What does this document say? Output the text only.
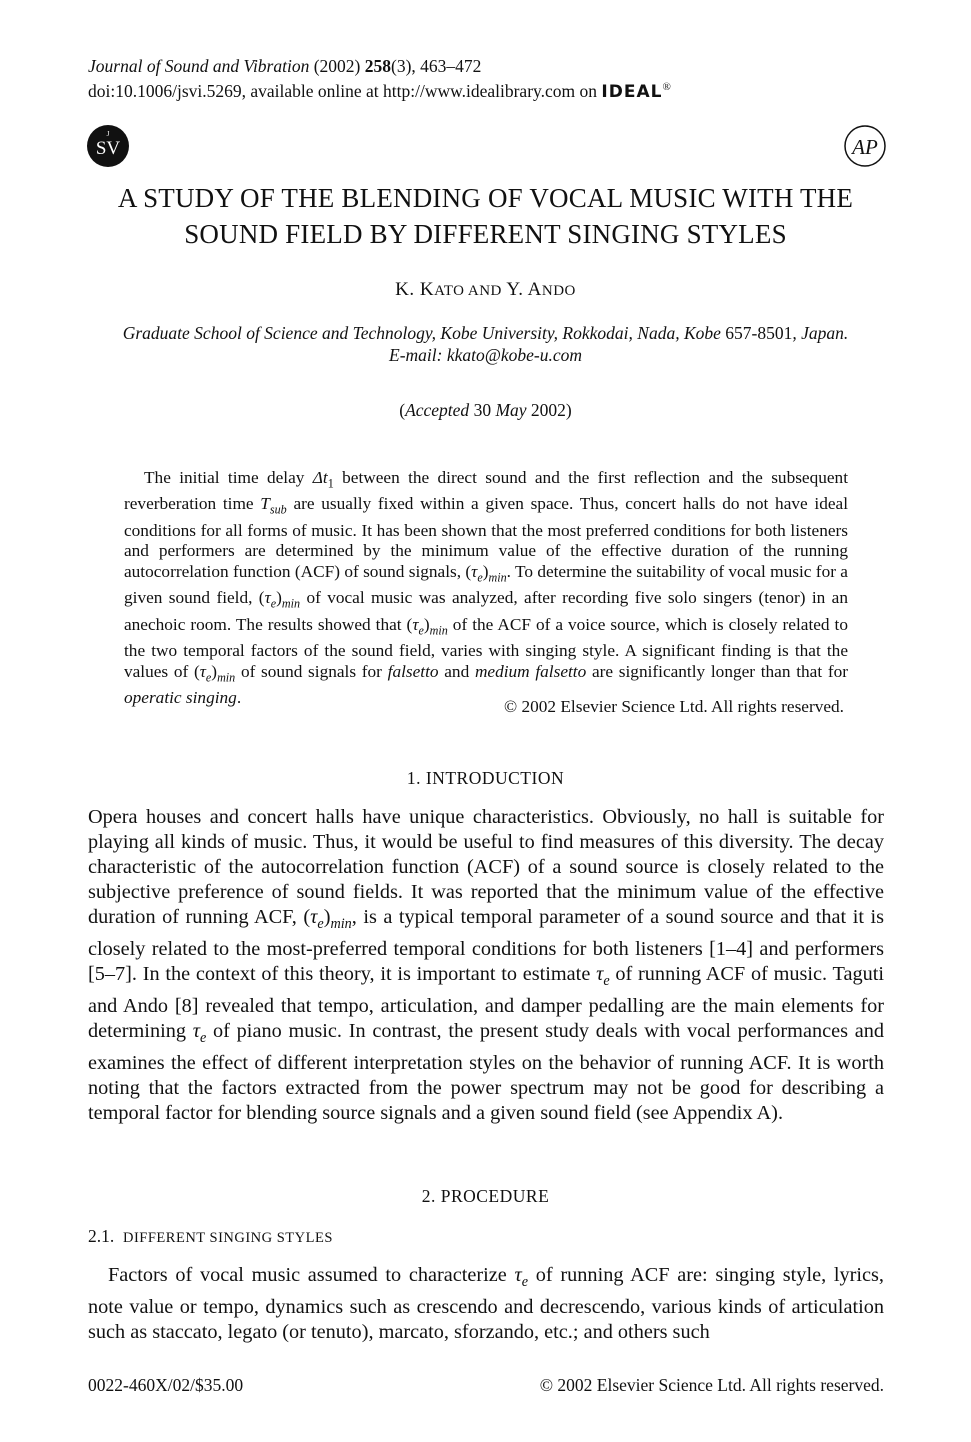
Journal of Sound and Vibration (2002) 258(3), 463–472
doi:10.1006/jsvi.5269, available online at http://www.idealibrary.com on IDEAL®
SV
J
AP
A STUDY OF THE BLENDING OF VOCAL MUSIC WITH THE
SOUND FIELD BY DIFFERENT SINGING STYLES
K. KATO AND Y. ANDO
Graduate School of Science and Technology, Kobe University, Rokkodai, Nada, Kobe 657-8501, Japan.
E-mail: kkato@kobe-u.com
(Accepted 30 May 2002)

The initial time delay $\Delta t_1$ between the direct sound and the first reflection and the subsequent reverberation time $T_{sub}$ are usually fixed within a given space. Thus, concert halls do not have ideal conditions for all forms of music. It has been shown that the most preferred conditions for both listeners and performers are determined by the minimum value of the effective duration of the running autocorrelation function (ACF) of sound signals, $(\tau_e)_{min}$. To determine the suitability of vocal music for a given sound field, $(\tau_e)_{min}$ of vocal music was analyzed, after recording five solo singers (tenor) in an anechoic room. The results showed that $(\tau_e)_{min}$ of the ACF of a voice source, which is closely related to the two temporal factors of the sound field, varies with singing style. A significant finding is that the values of $(\tau_e)_{min}$ of sound signals for falsetto and medium falsetto are significantly longer than that for operatic singing.	© 2002 Elsevier Science Ltd. All rights reserved.
1. INTRODUCTION

Opera houses and concert halls have unique characteristics. Obviously, no hall is suitable for playing all kinds of music. Thus, it would be useful to find measures of this diversity. The decay characteristic of the autocorrelation function (ACF) of a sound source is closely related to the subjective preference of sound fields. It was reported that the minimum value of the effective duration of running ACF, $(\tau_e)_{min}$, is a typical temporal parameter of a sound source and that it is closely related to the most-preferred temporal conditions for both listeners [1–4] and performers [5–7]. In the context of this theory, it is important to estimate $\tau_e$ of running ACF of music. Taguti and Ando [8] revealed that tempo, articulation, and damper pedalling are the main elements for determining $\tau_e$ of piano music. In contrast, the present study deals with vocal performances and examines the effect of different interpretation styles on the behavior of running ACF. It is worth noting that the factors extracted from the power spectrum may not be good for describing a temporal factor for blending source signals and a given sound field (see Appendix A).

2. PROCEDURE
2.1. DIFFERENT SINGING STYLES

Factors of vocal music assumed to characterize $\tau_e$ of running ACF are: singing style, lyrics, note value or tempo, dynamics such as crescendo and decrescendo, various kinds of articulation such as staccato, legato (or tenuto), marcato, sforzando, etc.; and others such

0022-460X/02/$35.00	© 2002 Elsevier Science Ltd. All rights reserved.
